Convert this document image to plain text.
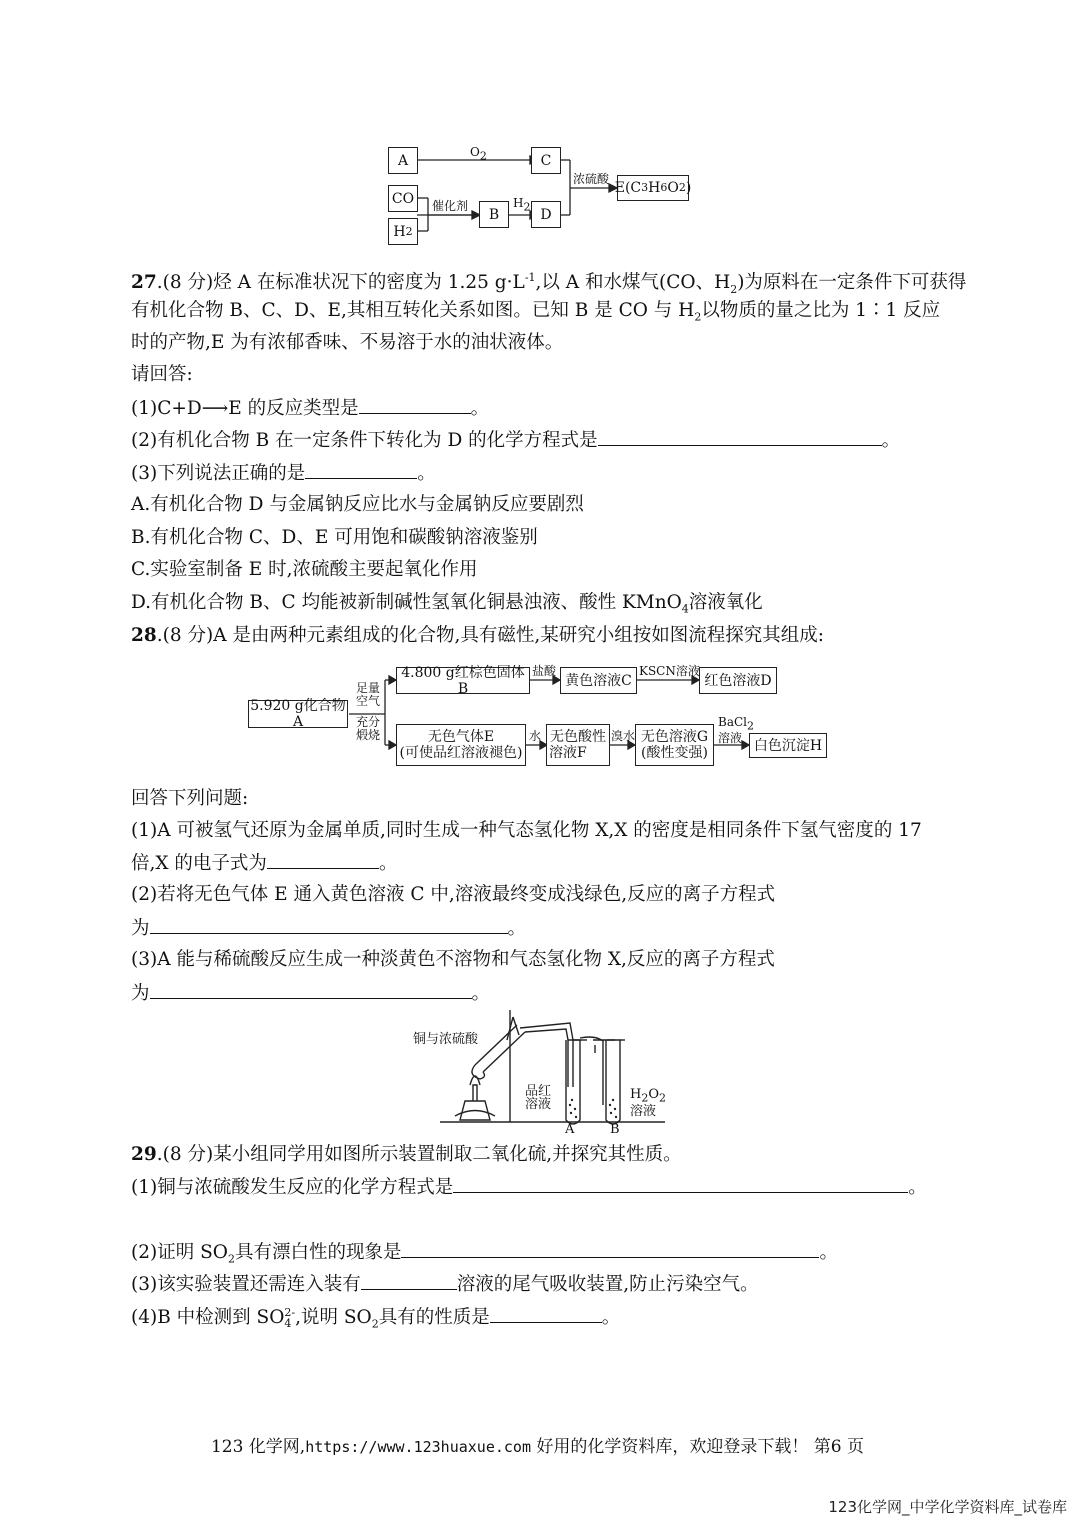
A	C
CO
H 2
B	D
E(C 3 H 6 O 2 )
$O_2$
催化剂	$H_2$
浓硫酸
27.(8 分)烃 A 在标准状况下的密度为 1.25 $g\cdot L^{-1}$,以 A 和水煤气(CO、$H_2$)为原料在一定条件下可获得
有机化合物 B、C、D、E,其相互转化关系如图。已知 B 是 CO 与 $H_2$以物质的量之比为 1∶1 反应
时的产物,E 为有浓郁香味、不易溶于水的油状液体。
请回答:
(1)C+D⟶E 的反应类型是	。
(2)有机化合物 B 在一定条件下转化为 D 的化学方程式是	。
(3)下列说法正确的是	。
A.有机化合物 D 与金属钠反应比水与金属钠反应要剧烈
B.有机化合物 C、D、E 可用饱和碳酸钠溶液鉴别
C.实验室制备 E 时,浓硫酸主要起氧化作用
D.有机化合物 B、C 均能被新制碱性氢氧化铜悬浊液、酸性 KMnO$_4$溶液氧化
28.(8 分)A 是由两种元素组成的化合物,具有磁性,某研究小组按如图流程探究其组成:
5.920 g化合物A
4.800 g红棕色固体B	黄色溶液C	红色溶液D
无色气体E
(可使品红溶液褪色)
无色酸性
溶液F
无色溶液G
(酸性变强)	白色沉淀H
足量
空气
充分
煅烧
盐酸	KSCN溶液
水	溴水
BaCl$_2$
溶液
回答下列问题:
(1)A 可被氢气还原为金属单质,同时生成一种气态氢化物 X,X 的密度是相同条件下氢气密度的 17
倍,X 的电子式为	。
(2)若将无色气体 E 通入黄色溶液 C 中,溶液最终变成浅绿色,反应的离子方程式
为	。
(3)A 能与稀硫酸反应生成一种淡黄色不溶物和气态氢化物 X,反应的离子方程式
为	。
铜与浓硫酸
品红
溶液
$H_2O_2$
溶液
A	B
29.(8 分)某小组同学用如图所示装置制取二氧化硫,并探究其性质。
(1)铜与浓硫酸发生反应的化学方程式是	。
(2)证明 $SO_2$具有漂白性的现象是	。
(3)该实验装置还需连入装有	溶液的尾气吸收装置,防止污染空气。
(4)B 中检测到 SO 2-
4 ,说明 $SO_2$具有的性质是	。
123 化学网,https://www.123huaxue.com 好用的化学资料库，欢迎登录下载！ 第6 页
123化学网_中学化学资料库_试卷库
